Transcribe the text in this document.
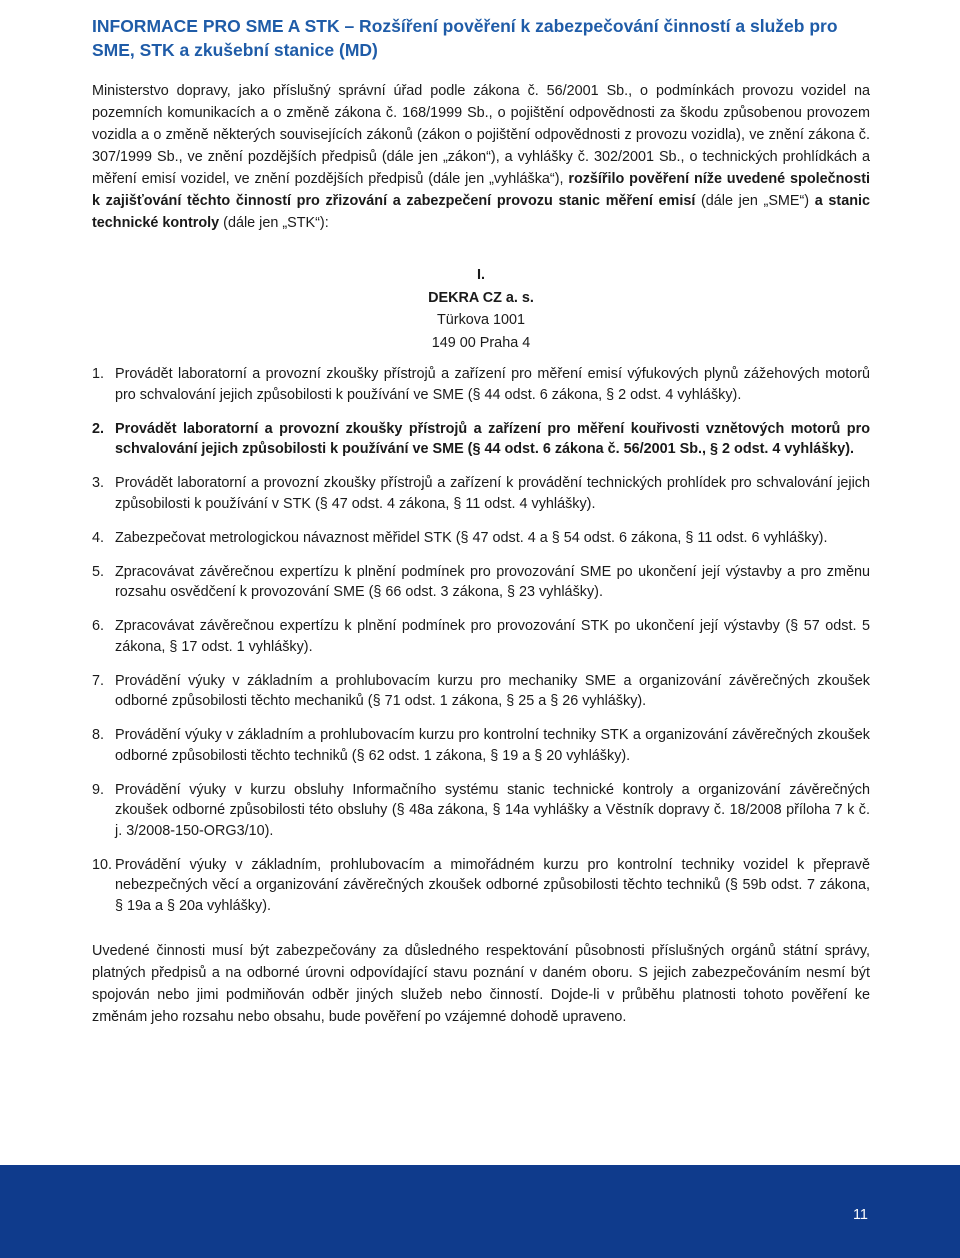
INFORMACE PRO SME A STK – Rozšíření pověření k zabezpečování činností a služeb pro SME, STK a zkušební stanice (MD)

Ministerstvo dopravy, jako příslušný správní úřad podle zákona č. 56/2001 Sb., o podmínkách provozu vozidel na pozemních komunikacích a o změně zákona č. 168/1999 Sb., o pojištění odpovědnosti za škodu způsobenou provozem vozidla a o změně některých souvisejících zákonů (zákon o pojištění odpovědnosti z provozu vozidla), ve znění zákona č. 307/1999 Sb., ve znění pozdějších předpisů (dále jen „zákon“), a vyhlášky č. 302/2001 Sb., o technických prohlídkách a měření emisí vozidel, ve znění pozdějších předpisů (dále jen „vyhláška“), rozšířilo pověření níže uvedené společnosti k zajišťování těchto činností pro zřizování a zabezpečení provozu stanic měření emisí (dále jen „SME“) a stanic technické kontroly (dále jen „STK“):

I.
DEKRA CZ a. s.
Türkova 1001
149 00 Praha 4
1. Provádět laboratorní a provozní zkoušky přístrojů a zařízení pro měření emisí výfukových plynů zážehových motorů pro schvalování jejich způsobilosti k používání ve SME (§ 44 odst. 6 zákona, § 2 odst. 4 vyhlášky).
2. Provádět laboratorní a provozní zkoušky přístrojů a zařízení pro měření kouřivosti vznětových motorů pro schvalování jejich způsobilosti k používání ve SME (§ 44 odst. 6 zákona č. 56/2001 Sb., § 2 odst. 4 vyhlášky).
3. Provádět laboratorní a provozní zkoušky přístrojů a zařízení k provádění technických prohlídek pro schvalování jejich způsobilosti k používání v STK (§ 47 odst. 4 zákona, § 11 odst. 4 vyhlášky).
4. Zabezpečovat metrologickou návaznost měřidel STK (§ 47 odst. 4 a § 54 odst. 6 zákona, § 11 odst. 6 vyhlášky).
5. Zpracovávat závěrečnou expertízu k plnění podmínek pro provozování SME po ukončení její výstavby a pro změnu rozsahu osvědčení k provozování SME (§ 66 odst. 3 zákona, § 23 vyhlášky).
6. Zpracovávat závěrečnou expertízu k plnění podmínek pro provozování STK po ukončení její výstavby (§ 57 odst. 5 zákona, § 17 odst. 1 vyhlášky).
7. Provádění výuky v základním a prohlubovacím kurzu pro mechaniky SME a organizování závěrečných zkoušek odborné způsobilosti těchto mechaniků (§ 71 odst. 1 zákona, § 25 a § 26 vyhlášky).
8. Provádění výuky v základním a prohlubovacím kurzu pro kontrolní techniky STK a organizování závěrečných zkoušek odborné způsobilosti těchto techniků (§ 62 odst. 1 zákona, § 19 a § 20 vyhlášky).
9. Provádění výuky v kurzu obsluhy Informačního systému stanic technické kontroly a organizování závěrečných zkoušek odborné způsobilosti této obsluhy (§ 48a zákona, § 14a vyhlášky a Věstník dopravy č. 18/2008 příloha 7 k č. j. 3/2008-150-ORG3/10).
10. Provádění výuky v základním, prohlubovacím a mimořádném kurzu pro kontrolní techniky vozidel k přepravě nebezpečných věcí a organizování závěrečných zkoušek odborné způsobilosti těchto techniků (§ 59b odst. 7 zákona, § 19a a § 20a vyhlášky).

Uvedené činnosti musí být zabezpečovány za důsledného respektování působnosti příslušných orgánů státní správy, platných předpisů a na odborné úrovni odpovídající stavu poznání v daném oboru. S jejich zabezpečováním nesmí být spojován nebo jimi podmiňován odběr jiných služeb nebo činností. Dojde-li v průběhu platnosti tohoto pověření ke změnám jeho rozsahu nebo obsahu, bude pověření po vzájemné dohodě upraveno.

11
